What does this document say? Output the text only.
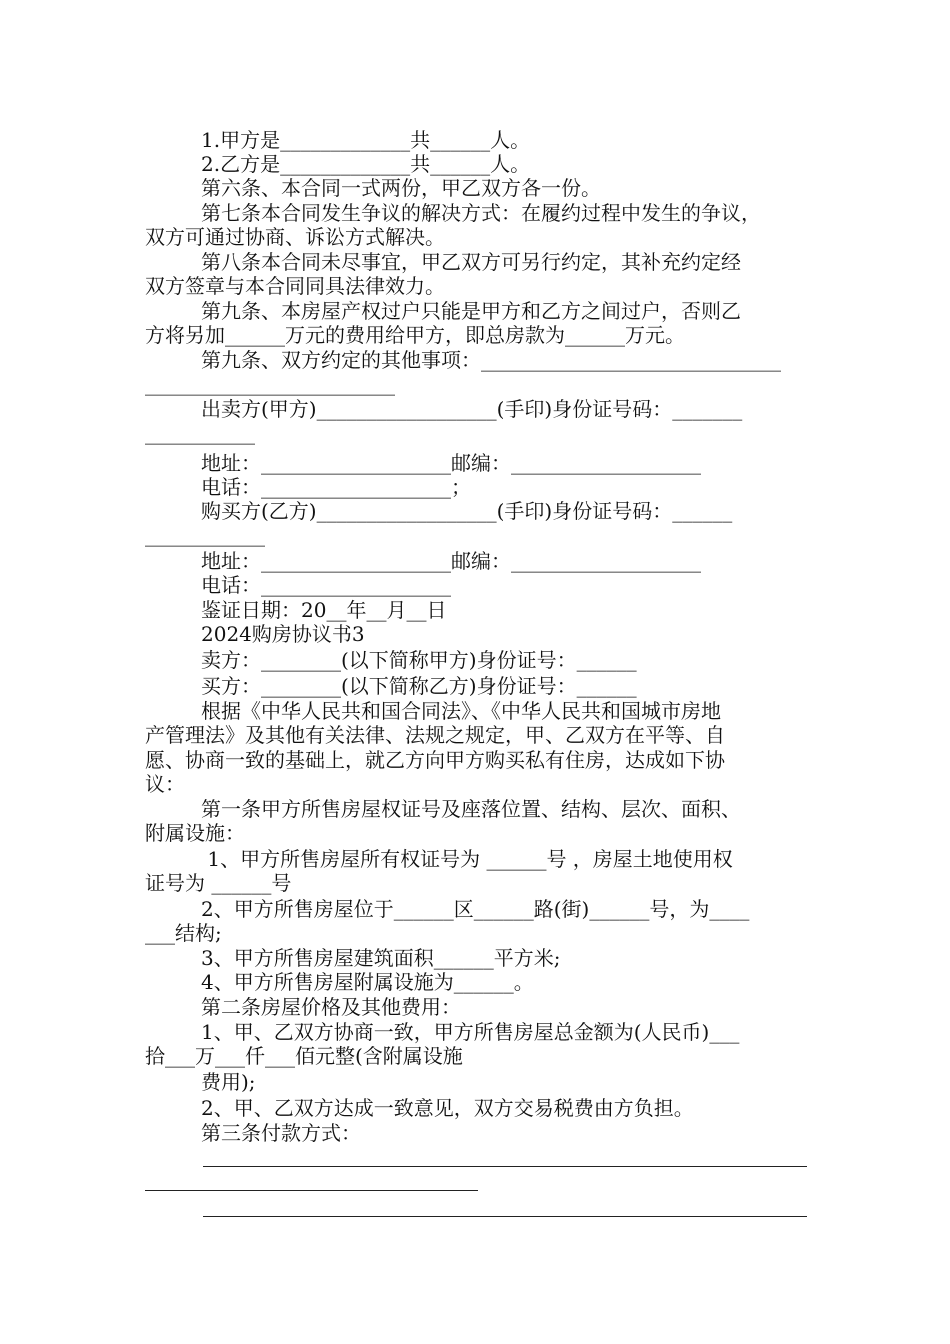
1.甲方是_____________共______人。
2.乙方是_____________共______人。
第六条、本合同一式两份，甲乙双方各一份。
第七条本合同发生争议的解决方式：在履约过程中发生的争议，
双方可通过协商、诉讼方式解决。
第八条本合同未尽事宜，甲乙双方可另行约定，其补充约定经
双方签章与本合同同具法律效力。
第九条、本房屋产权过户只能是甲方和乙方之间过户，否则乙
方将另加______万元的费用给甲方，即总房款为______万元。
第九条、双方约定的其他事项：______________________________
_________________________
出卖方(甲方)__________________(手印)身份证号码：_______
___________
地址：___________________邮编：___________________
电话：___________________；
购买方(乙方)__________________(手印)身份证号码：______
____________
地址：___________________邮编：___________________
电话：___________________
鉴证日期：20__年__月__日
2024购房协议书3
卖方：________(以下简称甲方)身份证号：______
买方：________(以下简称乙方)身份证号：______
根据《中华人民共和国合同法》、《中华人民共和国城市房地
产管理法》及其他有关法律、法规之规定，甲、乙双方在平等、自
愿、协商一致的基础上，就乙方向甲方购买私有住房，达成如下协
议：
第一条甲方所售房屋权证号及座落位置、结构、层次、面积、
附属设施：
1、甲方所售房屋所有权证号为 ______号 ，房屋土地使用权
证号为 ______号
2、甲方所售房屋位于______区______路(街)______号，为____
___结构;
3、甲方所售房屋建筑面积______平方米;
4、甲方所售房屋附属设施为______。
第二条房屋价格及其他费用：
1、甲、乙双方协商一致，甲方所售房屋总金额为(人民币)___
拾___万___仟___佰元整(含附属设施
费用);
2、甲、乙双方达成一致意见，双方交易税费由方负担。
第三条付款方式：
